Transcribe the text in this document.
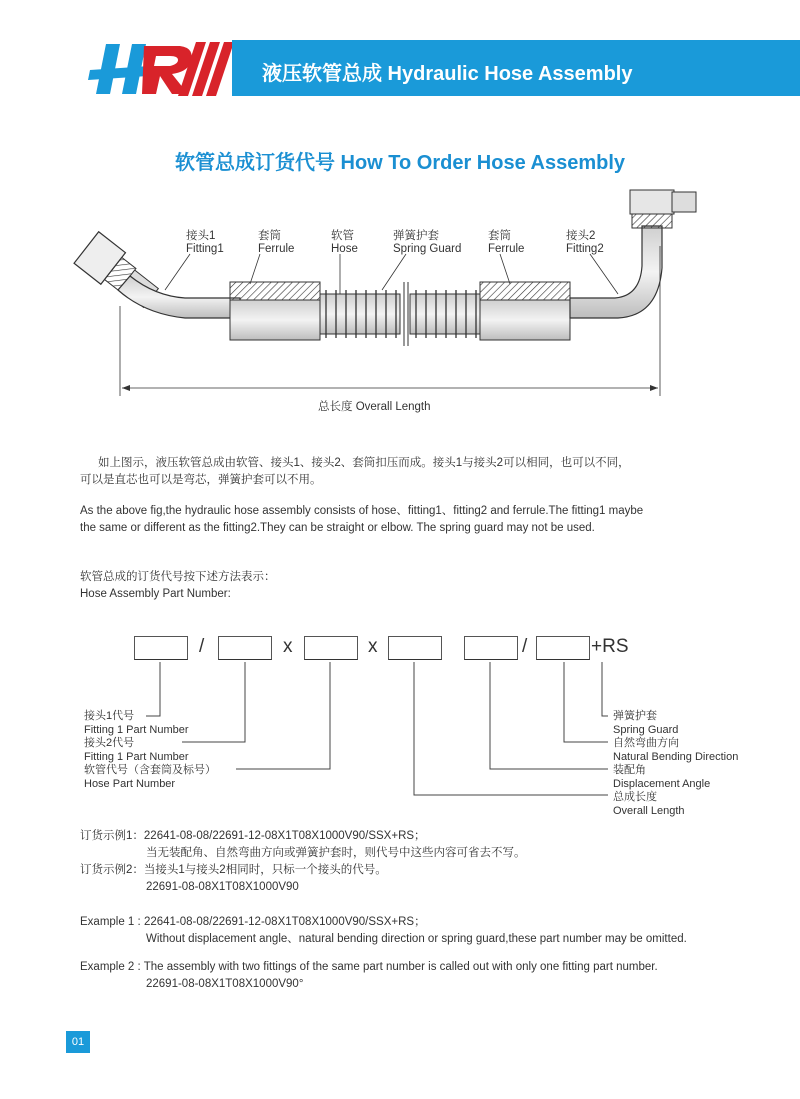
液压软管总成 Hydraulic Hose Assembly
软管总成订货代号 How To Order Hose Assembly
接头1
Fitting1
套筒
Ferrule
软管
Hose
弹簧护套
Spring Guard
套筒
Ferrule
接头2
Fitting2
总长度 Overall Length
如上图示，液压软管总成由软管、接头1、接头2、套筒扣压而成。接头1与接头2可以相同，也可以不同，
可以是直芯也可以是弯芯，弹簧护套可以不用。
As the above fig,the hydraulic hose assembly consists of hose、fitting1、fitting2 and ferrule.The fitting1 maybe
the same or different as the fitting2.They can be straight or elbow. The spring guard may not be used.
软管总成的订货代号按下述方法表示：
Hose Assembly Part Number:
/	x	x	/	+RS
接头1代号
Fitting 1 Part Number
接头2代号
Fitting 1 Part Number
软管代号（含套筒及标号）
Hose Part Number
弹簧护套
Spring Guard
自然弯曲方向
Natural Bending Direction
装配角
Displacement Angle
总成长度
Overall Length
订货示例1：22641-08-08/22691-12-08X1T08X1000V90/SSX+RS；
当无装配角、自然弯曲方向或弹簧护套时，则代号中这些内容可省去不写。
订货示例2：当接头1与接头2相同时，只标一个接头的代号。
22691-08-08X1T08X1000V90
Example 1 : 22641-08-08/22691-12-08X1T08X1000V90/SSX+RS；
Without displacement angle、natural bending direction or spring guard,these part number may be omitted.
Example 2 : The assembly with two fittings of the same part number is called out with only one fitting part number.
22691-08-08X1T08X1000V90°
01
